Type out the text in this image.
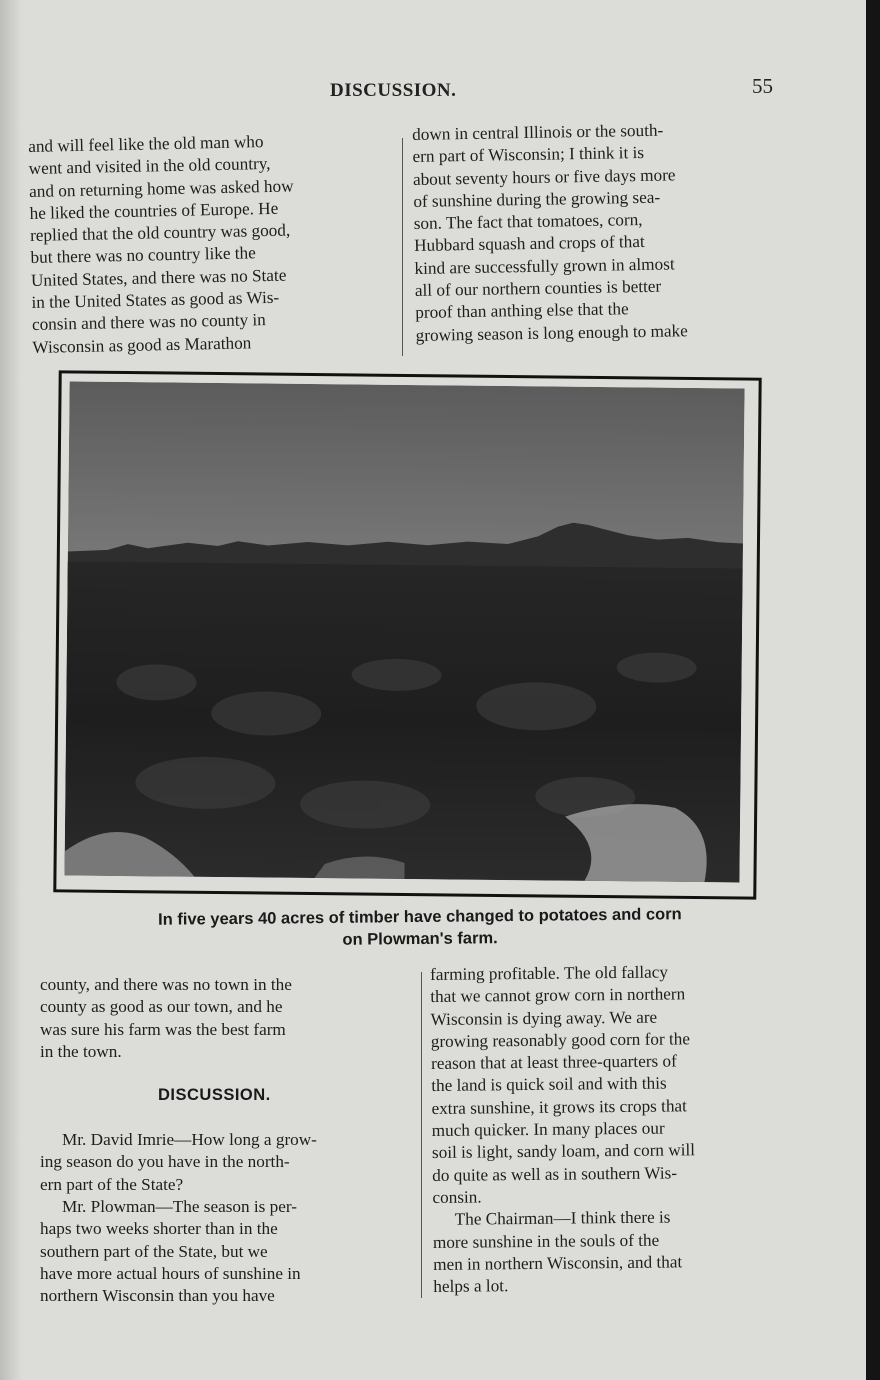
DISCUSSION.	55

and will feel like the old man who

went and visited in the old country,

and on returning home was asked how

he liked the countries of Europe. He

replied that the old country was good,

but there was no country like the

United States, and there was no State

in the United States as good as Wis-

consin and there was no county in

Wisconsin as good as Marathon

down in central Illinois or the south-

ern part of Wisconsin; I think it is

about seventy hours or five days more

of sunshine during the growing sea-

son. The fact that tomatoes, corn,

Hubbard squash and crops of that

kind are successfully grown in almost

all of our northern counties is better

proof than anthing else that the

growing season is long enough to make

In five years 40 acres of timber have changed to potatoes and corn
on Plowman's farm.

county, and there was no town in the

county as good as our town, and he

was sure his farm was the best farm

in the town.

Mr. David Imrie—How long a grow-

ing season do you have in the north-

ern part of the State?

Mr. Plowman—The season is per-

haps two weeks shorter than in the

southern part of the State, but we

have more actual hours of sunshine in

northern Wisconsin than you have

DISCUSSION.

farming profitable. The old fallacy

that we cannot grow corn in northern

Wisconsin is dying away. We are

growing reasonably good corn for the

reason that at least three-quarters of

the land is quick soil and with this

extra sunshine, it grows its crops that

much quicker. In many places our

soil is light, sandy loam, and corn will

do quite as well as in southern Wis-

consin.

The Chairman—I think there is

more sunshine in the souls of the

men in northern Wisconsin, and that

helps a lot.
